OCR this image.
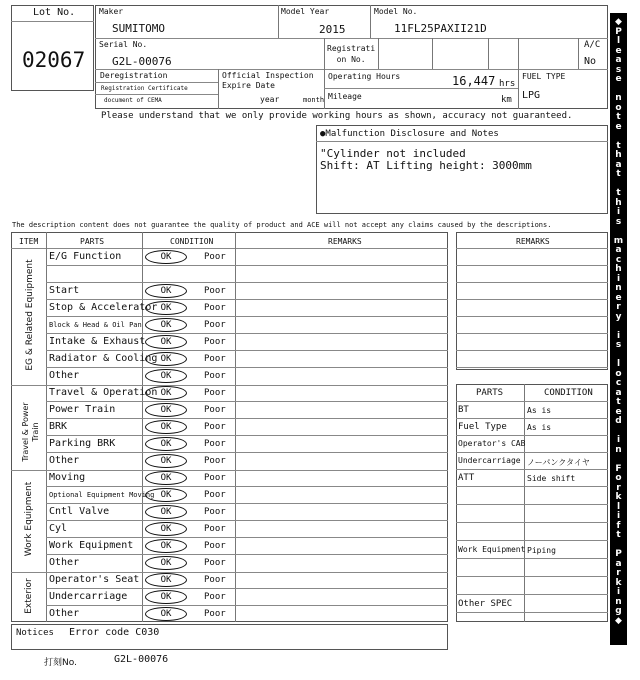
Lot No.
02067
Maker
SUMITOMO
Model Year
2015
Model No.
11FL25PAXII21D
Serial No.
G2L-00076
Registrati
on No.
A/C
No
Deregistration
Registration Certificate
document of CEMA
Official Inspection
Expire Date
year	month
Operating Hours	16,447 hrs
Mileage	km
FUEL TYPE
LPG
Please understand that we only provide working hours as shown, accuracy not guaranteed.
●Malfunction Disclosure and Notes
"Cylinder not included
Shift: AT Lifting height: 3000mm
The description content does not guarantee the quality of product and ACE will not accept any claims caused by the descriptions.
ITEM	PARTS	CONDITION	REMARKS
EG & Related Equipment
Travel & Power
Train
Work Equipment
Exterior
E/G Function	OK	Poor
Start	OK	Poor
Stop & Accelerator OK	Poor
Block & Head & Oil Pan	OK	Poor
Intake & Exhaust	OK	Poor
Radiator & Cooling OK	Poor
Other	OK	Poor
Travel & Operation OK	Poor
Power Train	OK	Poor
BRK	OK	Poor
Parking BRK	OK	Poor
Other	OK	Poor
Moving	OK	Poor
Optional Equipment Moving OK	Poor
Cntl Valve	OK	Poor
Cyl	OK	Poor
Work Equipment	OK	Poor
Other	OK	Poor
Operator's Seat	OK	Poor
Undercarriage	OK	Poor
Other	OK	Poor
REMARKS
PARTS	CONDITION
BT	As is
Fuel Type	As is
Operator's CAB
Undercarriage ノーパンクタイヤ
ATT	Side shift
Work Equipment Piping
Other SPEC
Notices Error code C030
打刻No.	G2L-00076
◆
P
l
e
a
s
e
n
o
t
e
t
h
a
t
t
h
i
s
m
a
c
h
i
n
e
r
y
i
s
l
o
c
a
t
e
d
i
n
F
o
r
k
l
i
f
t
P
a
r
k
i
n
g
◆
